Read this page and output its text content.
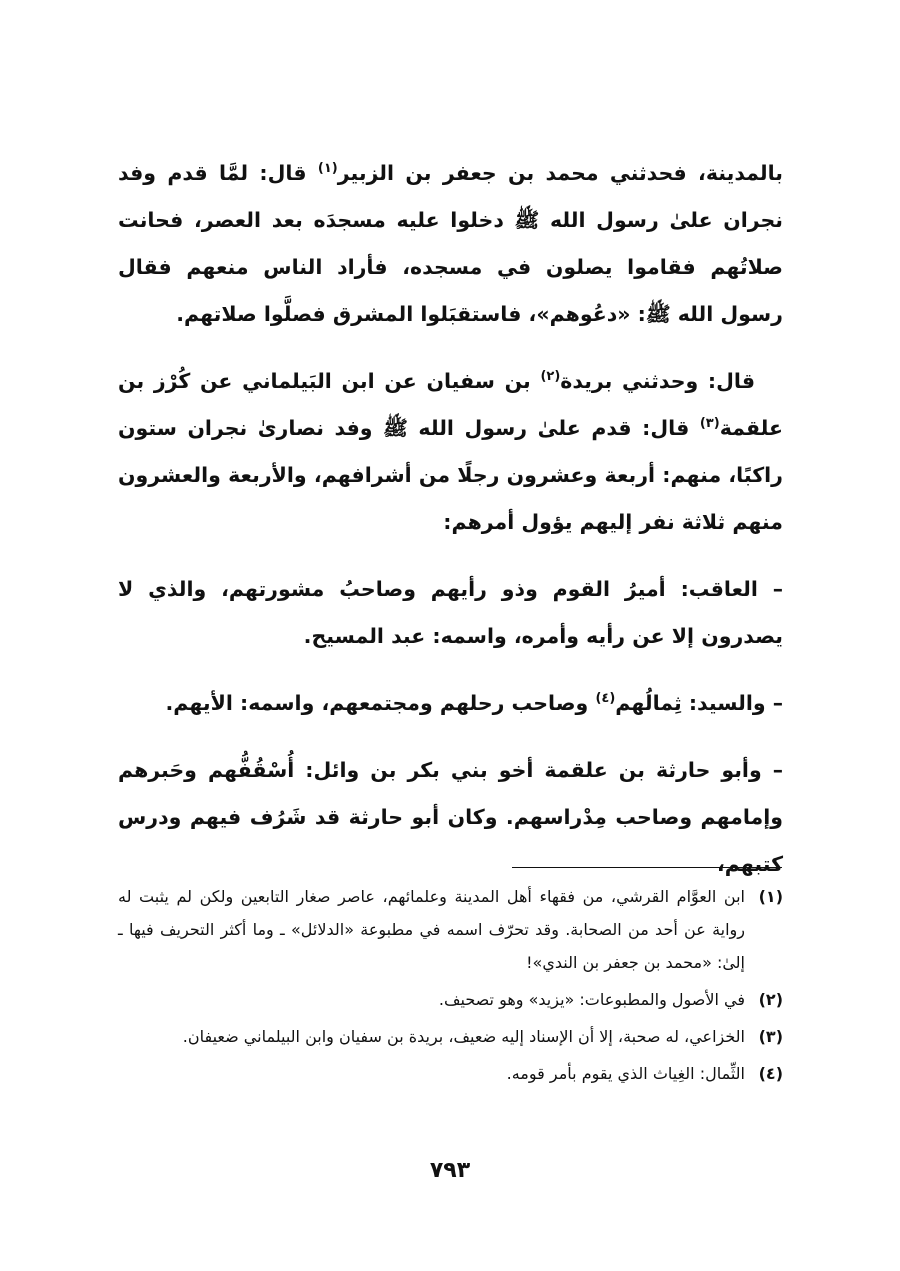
بالمدينة، فحدثني محمد بن جعفر بن الزبير$^{(١)}$ قال: لمَّا قدم وفد نجران علىٰ رسول الله ﷺ دخلوا عليه مسجدَه بعد العصر، فحانت صلاتُهم فقاموا يصلون في مسجده، فأراد الناس منعهم فقال رسول الله ﷺ: «دعُوهم»، فاستقبَلوا المشرق فصلَّوا صلاتهم.

قال: وحدثني بريدة$^{(٢)}$ بن سفيان عن ابن البَيلماني عن كُرْز بن علقمة$^{(٣)}$ قال: قدم علىٰ رسول الله ﷺ وفد نصارىٰ نجران ستون راكبًا، منهم: أربعة وعشرون رجلًا من أشرافهم، والأربعة والعشرون منهم ثلاثة نفر إليهم يؤول أمرهم:

– العاقب: أميرُ القوم وذو رأيهم وصاحبُ مشورتهم، والذي لا يصدرون إلا عن رأيه وأمره، واسمه: عبد المسيح.

– والسيد: ثِمالُهم$^{(٤)}$ وصاحب رحلهم ومجتمعهم، واسمه: الأيهم.

– وأبو حارثة بن علقمة أخو بني بكر بن وائل: أُسْقُفُّهم وحَبرهم وإمامهم وصاحب مِدْراسهم. وكان أبو حارثة قد شَرُف فيهم ودرس كتبهم،

(١)
ابن العوَّام القرشي، من فقهاء أهل المدينة وعلمائهم، عاصر صغار التابعين ولكن لم يثبت له رواية عن أحد من الصحابة. وقد تحرّف اسمه في مطبوعة «الدلائل» ـ وما أكثر التحريف فيها ـ إلىٰ: «محمد بن جعفر بن الندي»!
(٢)
في الأصول والمطبوعات: «يزيد» وهو تصحيف.
(٣)
الخزاعي، له صحبة، إلا أن الإسناد إليه ضعيف، بريدة بن سفيان وابن البيلماني ضعيفان.
(٤)
الثِّمال: الغِياث الذي يقوم بأمر قومه.
٧٩٣
